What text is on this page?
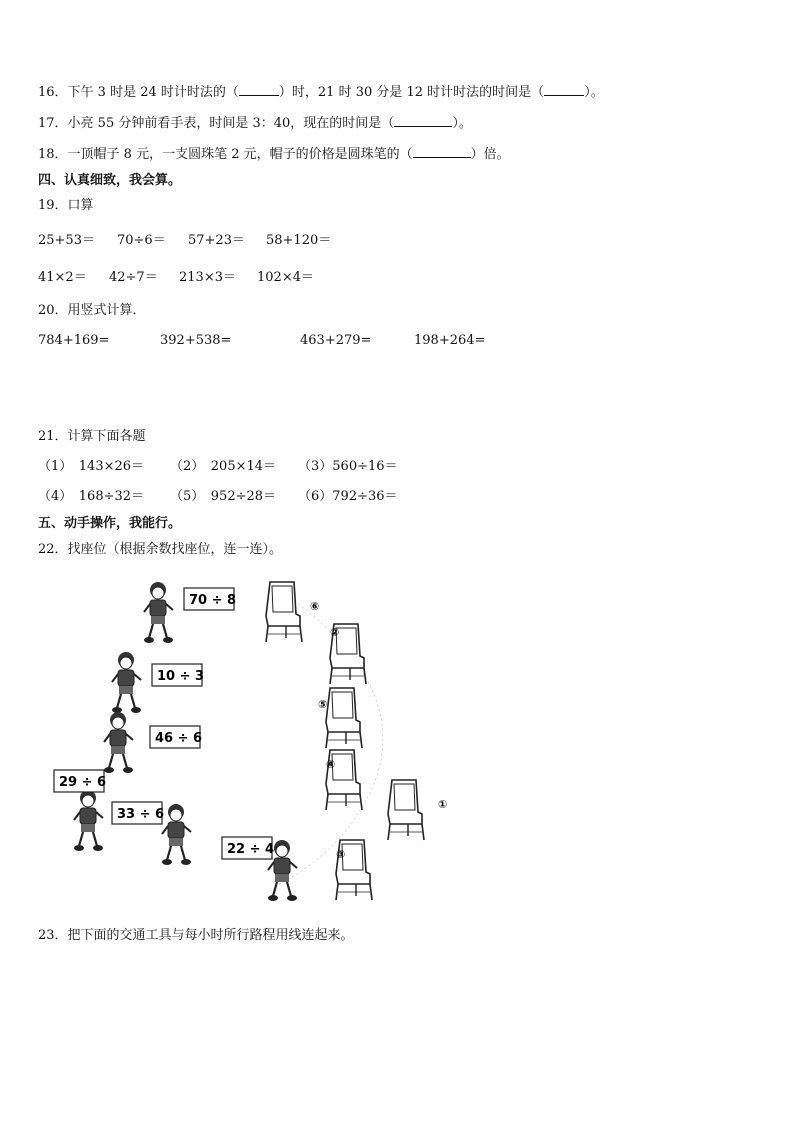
16．下午 3 时是 24 时计时法的（	）时，21 时 30 分是 12 时计时法的时间是（	）。
17．小亮 55 分钟前看手表，时间是 3：40，现在的时间是（	）。
18．一顶帽子 8 元，一支圆珠笔 2 元，帽子的价格是圆珠笔的（	）倍。
四、认真细致，我会算。
19．口算
25+53＝ 70÷6＝ 57+23＝ 58+120＝
41×2＝ 42÷7＝ 213×3＝ 102×4＝
20．用竖式计算．
784+169=	392+538=	463+279=	198+264=
21．计算下面各题
（1）　143×26＝ （2）　205×14＝ （3）560÷16＝
（4）　168÷32＝ （5）　952÷28＝ （6）792÷36＝
五、动手操作，我能行。
22．找座位（根据余数找座位，连一连）。
70 ÷ 8
10 ÷ 3
46 ÷ 6
29 ÷ 6
33 ÷ 6
22 ÷ 4
⑥
②
⑤
④
①
③
23．把下面的交通工具与每小时所行路程用线连起来。
